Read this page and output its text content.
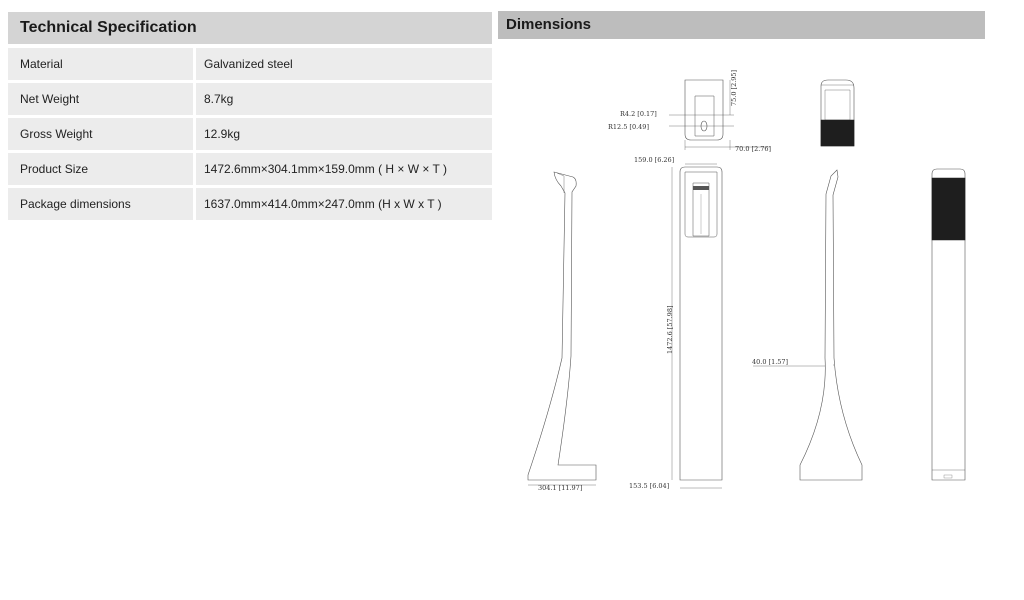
Technical Specification
Material	Galvanized steel
Net Weight	8.7kg
Gross Weight	12.9kg
Product Size	1472.6mm×304.1mm×159.0mm ( H × W × T )
Package dimensions	1637.0mm×414.0mm×247.0mm (H x W x T )
Dimensions
75.0 [2.95]
R4.2 [0.17]
R12.5 [0.49]
70.0 [2.76]
159.0 [6.26]
1472.6 [57.98]
40.0 [1.57]
304.1 [11.97]	153.5 [6.04]
